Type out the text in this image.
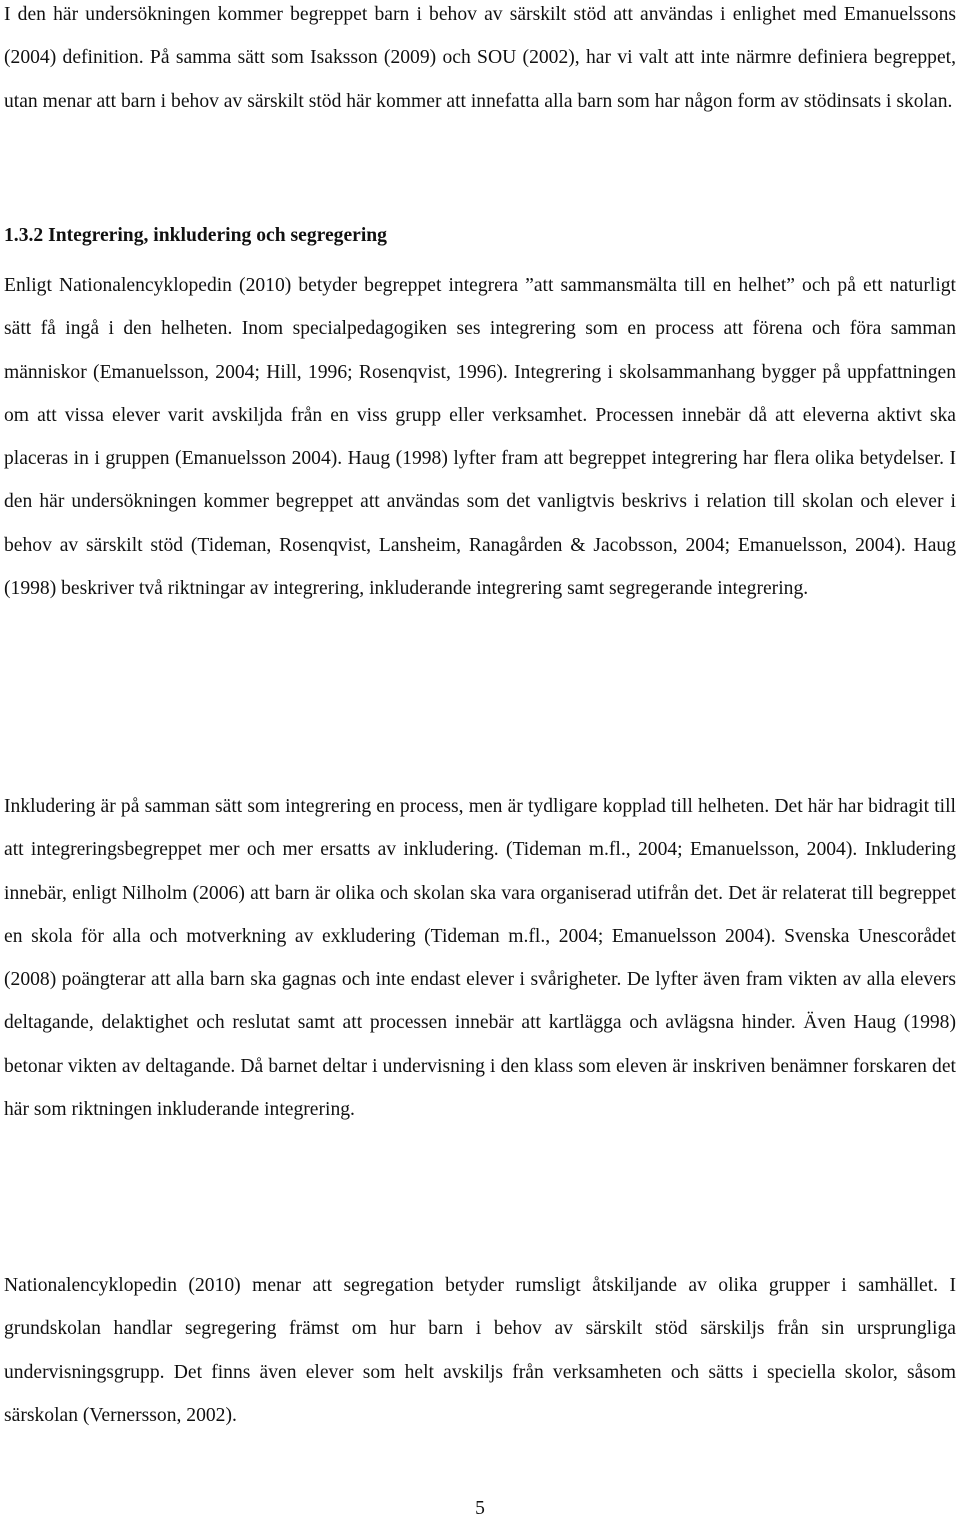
I den här undersökningen kommer begreppet barn i behov av särskilt stöd att användas i enlighet med Emanuelssons (2004) definition. På samma sätt som Isaksson (2009) och SOU (2002), har vi valt att inte närmre definiera begreppet, utan menar att barn i behov av särskilt stöd här kommer att innefatta alla barn som har någon form av stödinsats i skolan.

1.3.2 Integrering, inkludering och segregering

Enligt Nationalencyklopedin (2010) betyder begreppet integrera ”att sammansmälta till en helhet” och på ett naturligt sätt få ingå i den helheten. Inom specialpedagogiken ses integrering som en process att förena och föra samman människor (Emanuelsson, 2004; Hill, 1996; Rosenqvist, 1996). Integrering i skolsammanhang bygger på uppfattningen om att vissa elever varit avskiljda från en viss grupp eller verksamhet. Processen innebär då att eleverna aktivt ska placeras in i gruppen (Emanuelsson 2004). Haug (1998) lyfter fram att begreppet integrering har flera olika betydelser. I den här undersökningen kommer begreppet att användas som det vanligtvis beskrivs i relation till skolan och elever i behov av särskilt stöd (Tideman, Rosenqvist, Lansheim, Ranagården & Jacobsson, 2004; Emanuelsson, 2004). Haug (1998) beskriver två riktningar av integrering, inkluderande integrering samt segregerande integrering.

Inkludering är på samman sätt som integrering en process, men är tydligare kopplad till helheten. Det här har bidragit till att integreringsbegreppet mer och mer ersatts av inkludering. (Tideman m.fl., 2004; Emanuelsson, 2004). Inkludering innebär, enligt Nilholm (2006) att barn är olika och skolan ska vara organiserad utifrån det. Det är relaterat till begreppet en skola för alla och motverkning av exkludering (Tideman m.fl., 2004; Emanuelsson 2004). Svenska Unescorådet (2008) poängterar att alla barn ska gagnas och inte endast elever i svårigheter. De lyfter även fram vikten av alla elevers deltagande, delaktighet och reslutat samt att processen innebär att kartlägga och avlägsna hinder. Även Haug (1998) betonar vikten av deltagande. Då barnet deltar i undervisning i den klass som eleven är inskriven benämner forskaren det här som riktningen inkluderande integrering.

Nationalencyklopedin (2010) menar att segregation betyder rumsligt åtskiljande av olika grupper i samhället. I grundskolan handlar segregering främst om hur barn i behov av särskilt stöd särskiljs från sin ursprungliga undervisningsgrupp. Det finns även elever som helt avskiljs från verksamheten och sätts i speciella skolor, såsom särskolan (Vernersson, 2002).

5
